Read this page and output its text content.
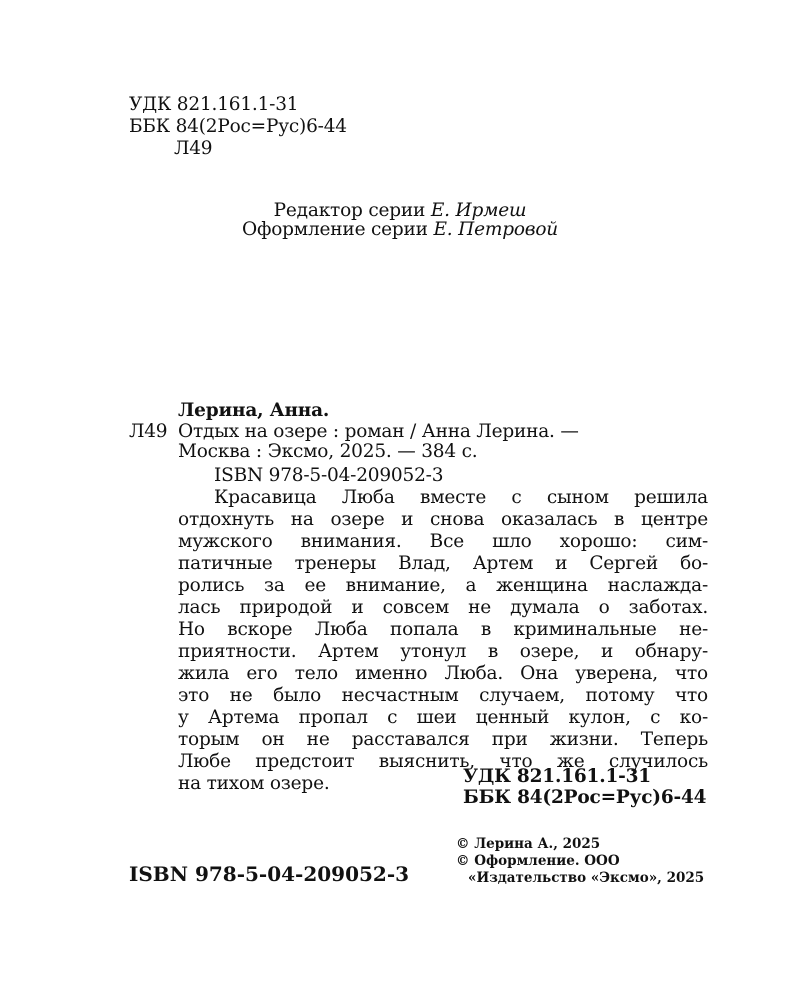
УДК 821.161.1-31
ББК 84(2Рос=Рус)6-44
Л49
Редактор серии Е. Ирмеш
Оформление серии Е. Петровой
Лерина, Анна.
Л49 Отдых на озере : роман / Анна Лерина. —
Москва : Эксмо, 2025. — 384 с.
ISBN 978-5-04-209052-3
Красавица Люба вместе с сыном решила
отдохнуть на озере и снова оказалась в центре
мужского внимания. Все шло хорошо: сим-
патичные тренеры Влад, Артем и Сергей бо-
ролись за ее внимание, а женщина наслажда-
лась природой и совсем не думала о заботах.
Но вскоре Люба попала в криминальные не-
приятности. Артем утонул в озере, и обнару-
жила его тело именно Люба. Она уверена, что
это не было несчастным случаем, потому что
у Артема пропал с шеи ценный кулон, с ко-
торым он не расставался при жизни. Теперь
Любе предстоит выяснить, что же случилось
на тихом озере.	УДК 821.161.1-31
ББК 84(2Рос=Рус)6-44
ISBN 978-5-04-209052-3
© Лерина А., 2025
© Оформление. ООО
«Издательство «Эксмо», 2025
